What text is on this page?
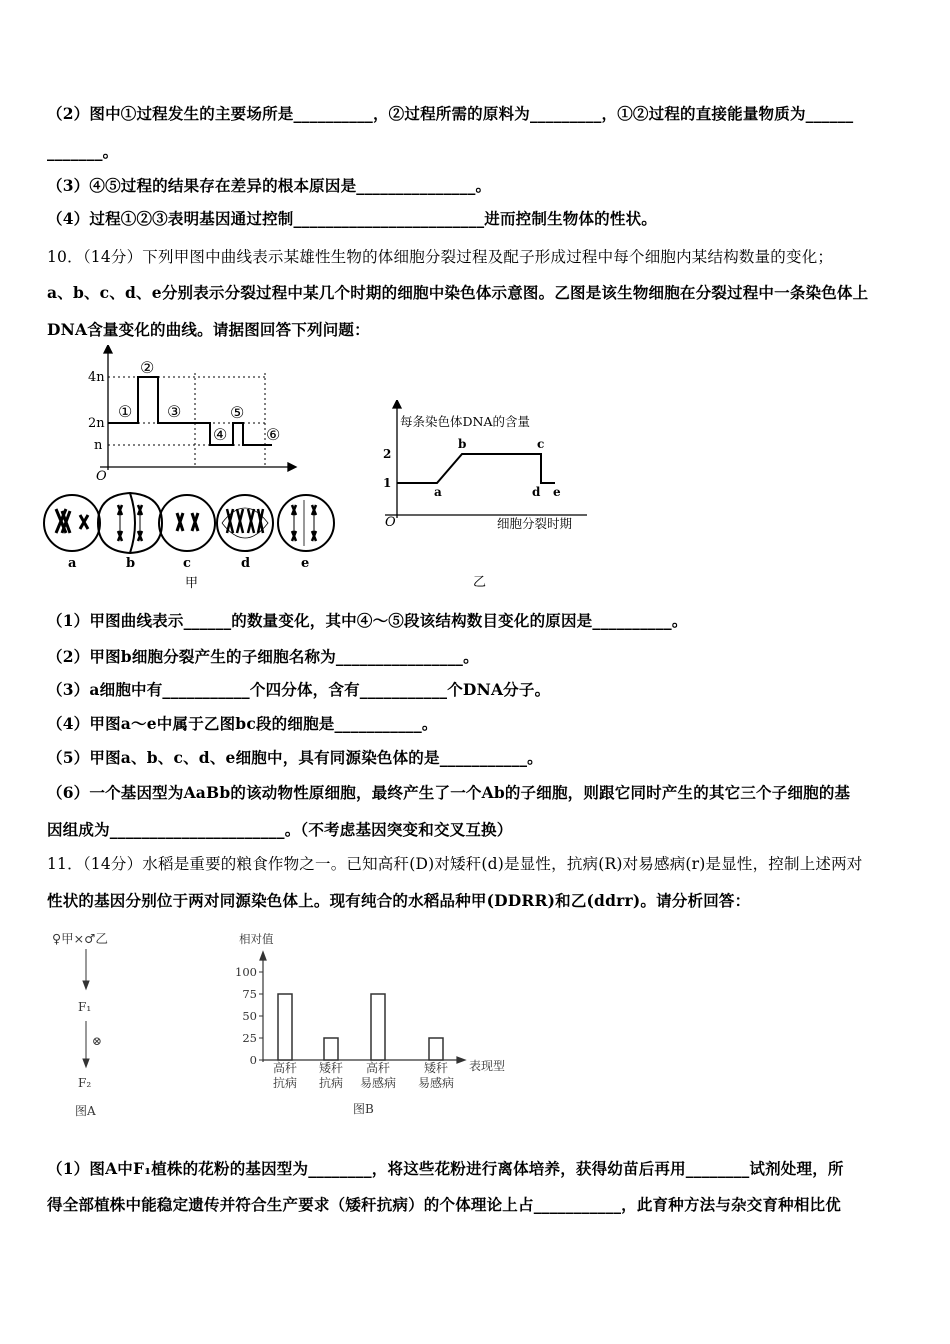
（2）图中①过程发生的主要场所是__________，②过程所需的原料为_________，①②过程的直接能量物质为______
_______。
（3）④⑤过程的结果存在差异的根本原因是_______________。
（4）过程①②③表明基因通过控制________________________进而控制生物体的性状。
10．（14分）下列甲图中曲线表示某雄性生物的体细胞分裂过程及配子形成过程中每个细胞内某结构数量的变化；
a、b、c、d、e分别表示分裂过程中某几个时期的细胞中染色体示意图。乙图是该生物细胞在分裂过程中一条染色体上
DNA含量变化的曲线。请据图回答下列问题：
4n
2n
n
O
①
②
③
④
⑤
⑥
a	b	c	d	e
甲
每条染色体DNA的含量
2
1
O
a
b	c
d e
细胞分裂时期
乙
（1）甲图曲线表示______的数量变化，其中④～⑤段该结构数目变化的原因是__________。
（2）甲图b细胞分裂产生的子细胞名称为________________。
（3）a细胞中有___________个四分体，含有___________个DNA分子。
（4）甲图a～e中属于乙图bc段的细胞是___________。
（5）甲图a、b、c、d、e细胞中，具有同源染色体的是___________。
（6）一个基因型为AaBb的该动物性原细胞，最终产生了一个Ab的子细胞，则跟它同时产生的其它三个子细胞的基
因组成为______________________。（不考虑基因突变和交叉互换）
11．（14分）水稻是重要的粮食作物之一。已知高秆(D)对矮秆(d)是显性，抗病(R)对易感病(r)是显性，控制上述两对
性状的基因分别位于两对同源染色体上。现有纯合的水稻品种甲(DDRR)和乙(ddrr)。请分析回答：
♀甲×♂乙
F₁
⊗
F₂
图A
相对值
100
75
50
25
0
高秆
抗病
矮秆
抗病
高秆
易感病
矮秆
易感病
表现型
图B
（1）图A中F₁植株的花粉的基因型为________，将这些花粉进行离体培养，获得幼苗后再用________试剂处理，所
得全部植株中能稳定遗传并符合生产要求（矮秆抗病）的个体理论上占___________，此育种方法与杂交育种相比优
